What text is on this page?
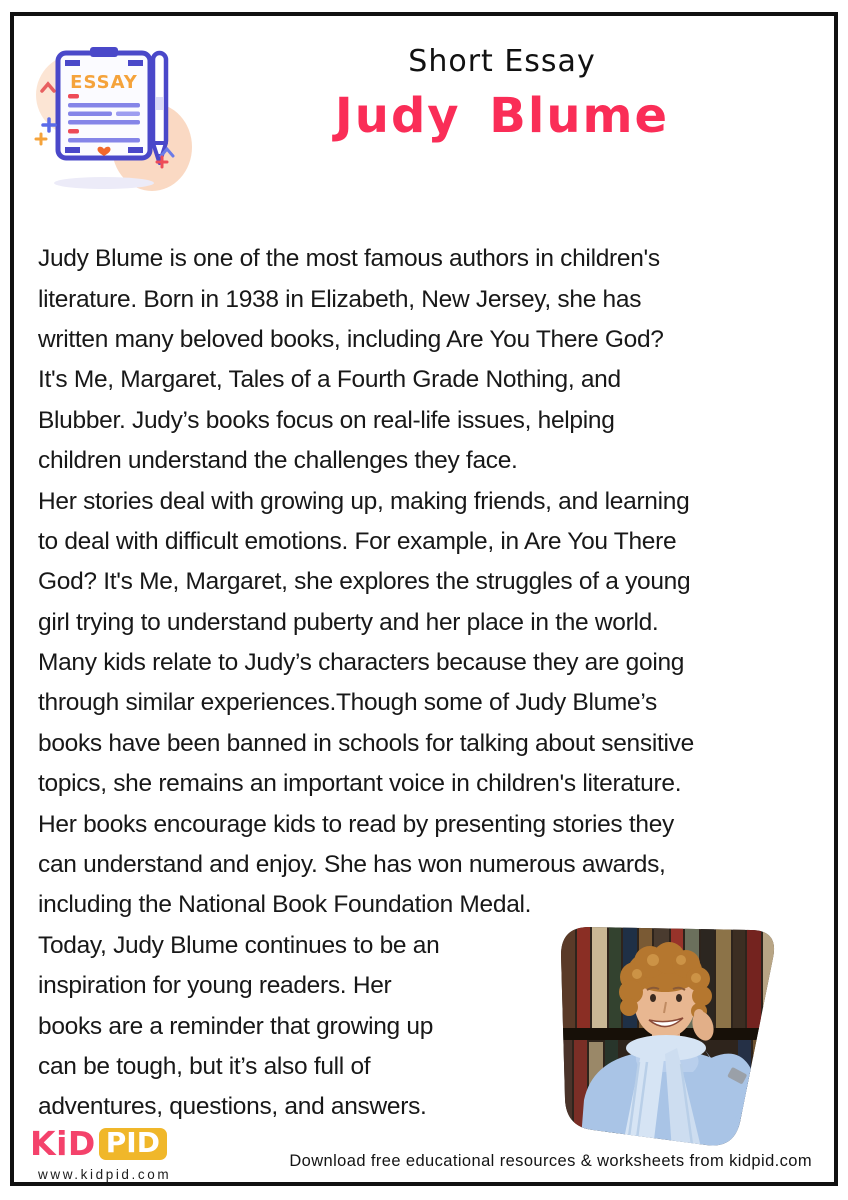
ESSAY
Short Essay
Judy Blume
Judy Blume is one of the most famous authors in children's
literature. Born in 1938 in Elizabeth, New Jersey, she has
written many beloved books, including Are You There God?
It's Me, Margaret, Tales of a Fourth Grade Nothing, and
Blubber. Judy’s books focus on real-life issues, helping
children understand the challenges they face.
Her stories deal with growing up, making friends, and learning
to deal with difficult emotions. For example, in Are You There
God? It's Me, Margaret, she explores the struggles of a young
girl trying to understand puberty and her place in the world.
Many kids relate to Judy’s characters because they are going
through similar experiences.Though some of Judy Blume’s
books have been banned in schools for talking about sensitive
topics, she remains an important voice in children's literature.
Her books encourage kids to read by presenting stories they
can understand and enjoy. She has won numerous awards,
including the National Book Foundation Medal.
Today, Judy Blume continues to be an
inspiration for young readers. Her
books are a reminder that growing up
can be tough, but it’s also full of
adventures, questions, and answers.
KiD PID
www.kidpid.com
Download free educational resources & worksheets from kidpid.com
